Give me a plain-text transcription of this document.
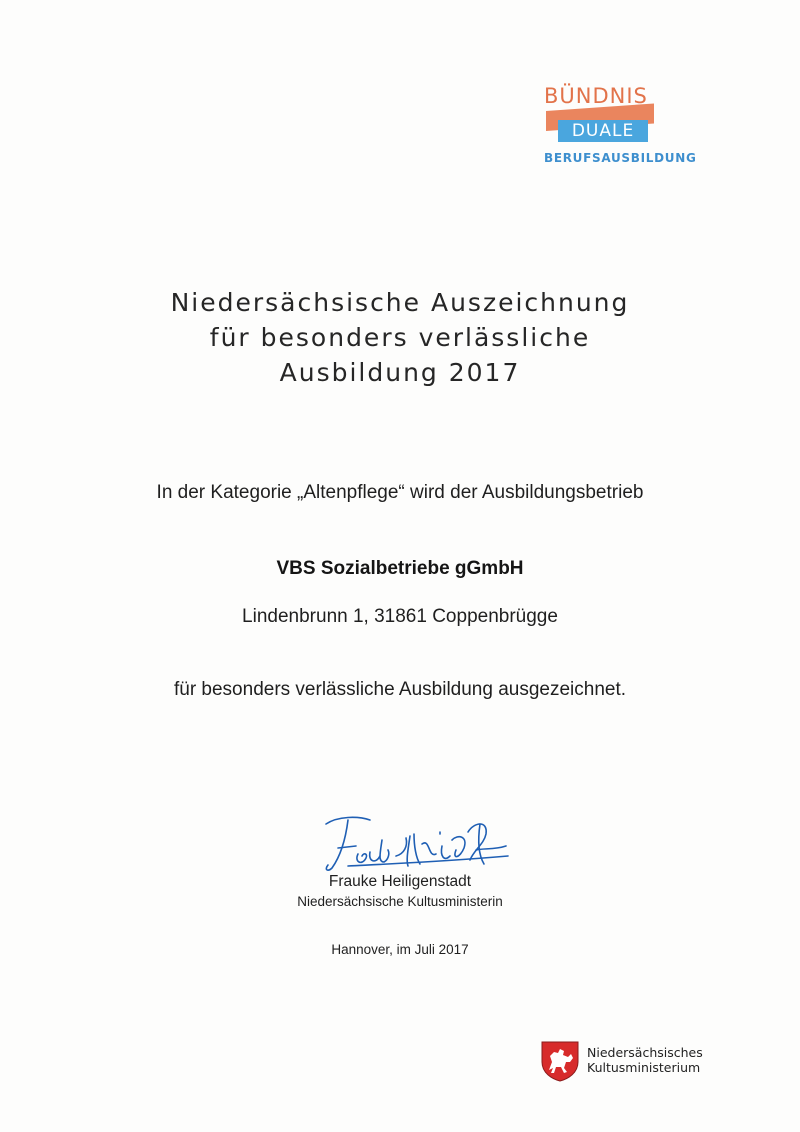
BÜNDNIS

DUALE

BERUFSAUSBILDUNG

Niedersächsische Auszeichnung
für besonders verlässliche
Ausbildung 2017

In der Kategorie „Altenpflege“ wird der Ausbildungsbetrieb

VBS Sozialbetriebe gGmbH

Lindenbrunn 1, 31861 Coppenbrügge

für besonders verlässliche Ausbildung ausgezeichnet.

Frauke Heiligenstadt

Niedersächsische Kultusministerin

Hannover, im Juli 2017

Niedersächsisches
Kultusministerium
